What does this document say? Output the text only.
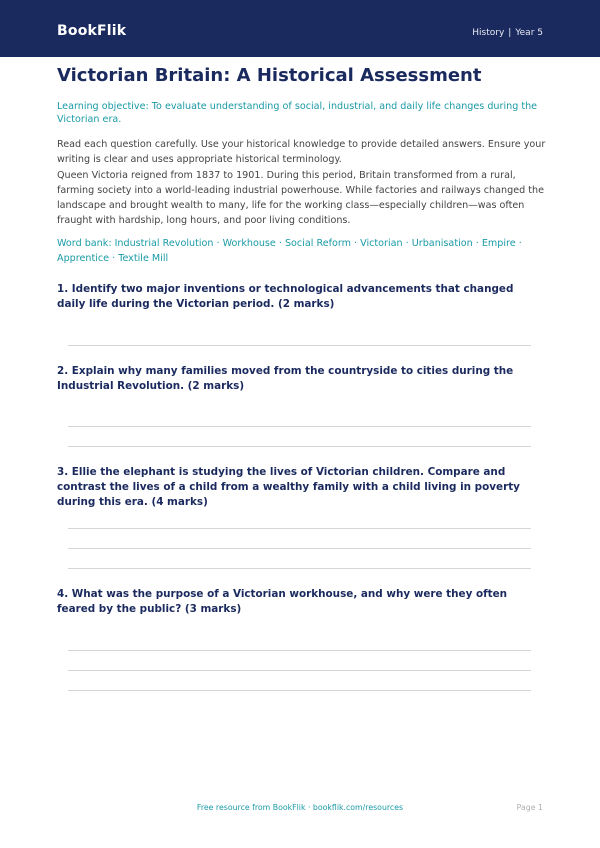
BookFlik	History | Year 5
Victorian Britain: A Historical Assessment
Learning objective: To evaluate understanding of social, industrial, and daily life changes during the Victorian era.
Read each question carefully. Use your historical knowledge to provide detailed answers. Ensure your writing is clear and uses appropriate historical terminology.
Queen Victoria reigned from 1837 to 1901. During this period, Britain transformed from a rural, farming society into a world-leading industrial powerhouse. While factories and railways changed the landscape and brought wealth to many, life for the working class—especially children—was often fraught with hardship, long hours, and poor living conditions.
Word bank: Industrial Revolution · Workhouse · Social Reform · Victorian · Urbanisation · Empire · Apprentice · Textile Mill
1. Identify two major inventions or technological advancements that changed daily life during the Victorian period. (2 marks)
2. Explain why many families moved from the countryside to cities during the Industrial Revolution. (2 marks)
3. Ellie the elephant is studying the lives of Victorian children. Compare and contrast the lives of a child from a wealthy family with a child living in poverty during this era. (4 marks)
4. What was the purpose of a Victorian workhouse, and why were they often feared by the public? (3 marks)
Free resource from BookFlik · bookflik.com/resources	Page 1
